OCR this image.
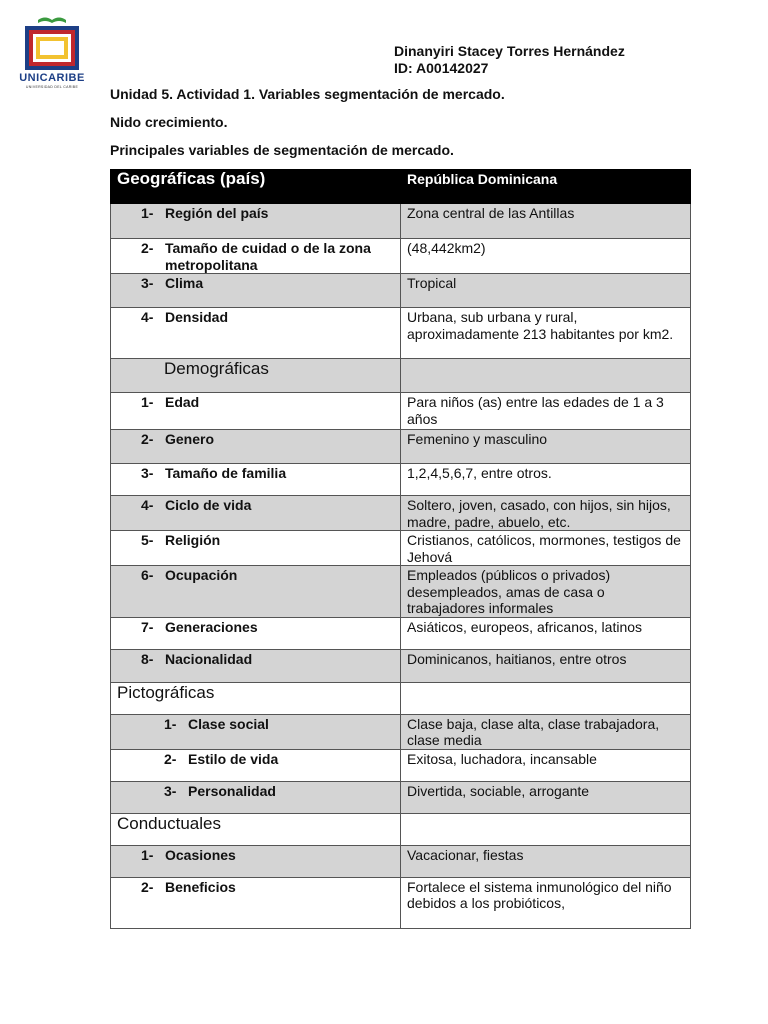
UNICARIBE
UNIVERSIDAD DEL CARIBE
Dinanyiri Stacey Torres Hernández
ID: A00142027
Unidad 5. Actividad 1. Variables segmentación de mercado.
Nido crecimiento.
Principales variables de segmentación de mercado.
Geográficas (país)	República Dominicana
1- Región del país	Zona central de las Antillas

2- Tamaño de cuidad o de la zona metropolitana	(48,442km2)
3- Clima	Tropical
4- Densidad	Urbana, sub urbana y rural, aproximadamente 213 habitantes por km2.
Demográficas	
1- Edad	Para niños (as) entre las edades de 1 a 3 años
2- Genero	Femenino y masculino
3- Tamaño de familia	1,2,4,5,6,7, entre otros.
4- Ciclo de vida	Soltero, joven, casado, con hijos, sin hijos, madre, padre, abuelo, etc.
5- Religión	Cristianos, católicos, mormones, testigos de Jehová
6- Ocupación	Empleados (públicos o privados) desempleados, amas de casa o trabajadores informales
7- Generaciones	Asiáticos, europeos, africanos, latinos
8- Nacionalidad	Dominicanos, haitianos, entre otros
Pictográficas	
1- Clase social	Clase baja, clase alta, clase trabajadora, clase media
2- Estilo de vida	Exitosa, luchadora, incansable
3- Personalidad	Divertida, sociable, arrogante
Conductuales	
1- Ocasiones	Vacacionar, fiestas
2- Beneficios	Fortalece el sistema inmunológico del niño debidos a los probióticos,
